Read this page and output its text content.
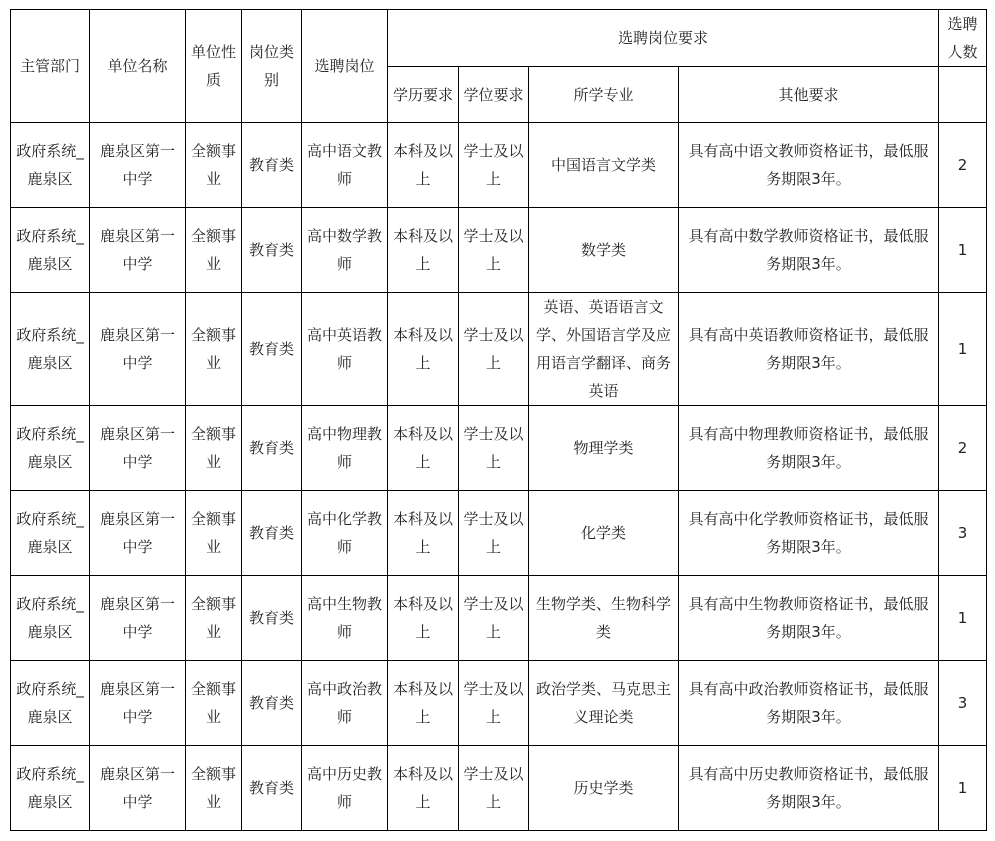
主管部门	单位名称	单位性质	岗位类别	选聘岗位	选聘岗位要求				选聘人数
					学历要求	学位要求	所学专业	其他要求	
政府系统_鹿泉区	鹿泉区第一中学	全额事业	教育类	高中语文教师	本科及以上	学士及以上	中国语言文学类	具有高中语文教师资格证书，最低服务期限3年。	2
政府系统_鹿泉区	鹿泉区第一中学	全额事业	教育类	高中数学教师	本科及以上	学士及以上	数学类	具有高中数学教师资格证书，最低服务期限3年。	1
政府系统_鹿泉区	鹿泉区第一中学	全额事业	教育类	高中英语教师	本科及以上	学士及以上	英语、英语语言文学、外国语言学及应用语言学翻译、商务英语	具有高中英语教师资格证书，最低服务期限3年。	1
政府系统_鹿泉区	鹿泉区第一中学	全额事业	教育类	高中物理教师	本科及以上	学士及以上	物理学类	具有高中物理教师资格证书，最低服务期限3年。	2
政府系统_鹿泉区	鹿泉区第一中学	全额事业	教育类	高中化学教师	本科及以上	学士及以上	化学类	具有高中化学教师资格证书，最低服务期限3年。	3
政府系统_鹿泉区	鹿泉区第一中学	全额事业	教育类	高中生物教师	本科及以上	学士及以上	生物学类、生物科学类	具有高中生物教师资格证书，最低服务期限3年。	1
政府系统_鹿泉区	鹿泉区第一中学	全额事业	教育类	高中政治教师	本科及以上	学士及以上	政治学类、马克思主义理论类	具有高中政治教师资格证书，最低服务期限3年。	3
政府系统_鹿泉区	鹿泉区第一中学	全额事业	教育类	高中历史教师	本科及以上	学士及以上	历史学类	具有高中历史教师资格证书，最低服务期限3年。	1
